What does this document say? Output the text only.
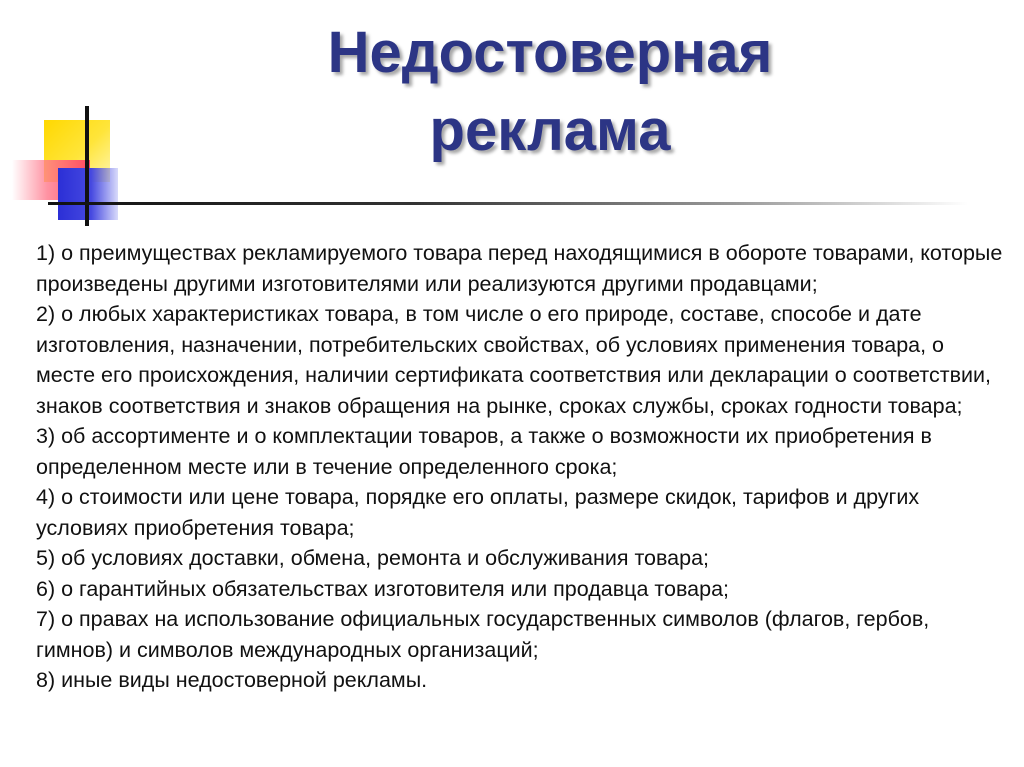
Недостоверная
реклама

1) о преимуществах рекламируемого товара перед находящимися в обороте товарами, которые произведены другими изготовителями или реализуются другими продавцами;

2) о любых характеристиках товара, в том числе о его природе, составе, способе и дате изготовления, назначении, потребительских свойствах, об условиях применения товара, о месте его происхождения, наличии сертификата соответствия или декларации о соответствии, знаков соответствия и знаков обращения на рынке, сроках службы, сроках годности товара;

3) об ассортименте и о комплектации товаров, а также о возможности их приобретения в определенном месте или в течение определенного срока;

4) о стоимости или цене товара, порядке его оплаты, размере скидок, тарифов и других условиях приобретения товара;

5) об условиях доставки, обмена, ремонта и обслуживания товара;

6) о гарантийных обязательствах изготовителя или продавца товара;

7) о правах на использование официальных государственных символов (флагов, гербов, гимнов) и символов международных организаций;

8) иные виды недостоверной рекламы.
